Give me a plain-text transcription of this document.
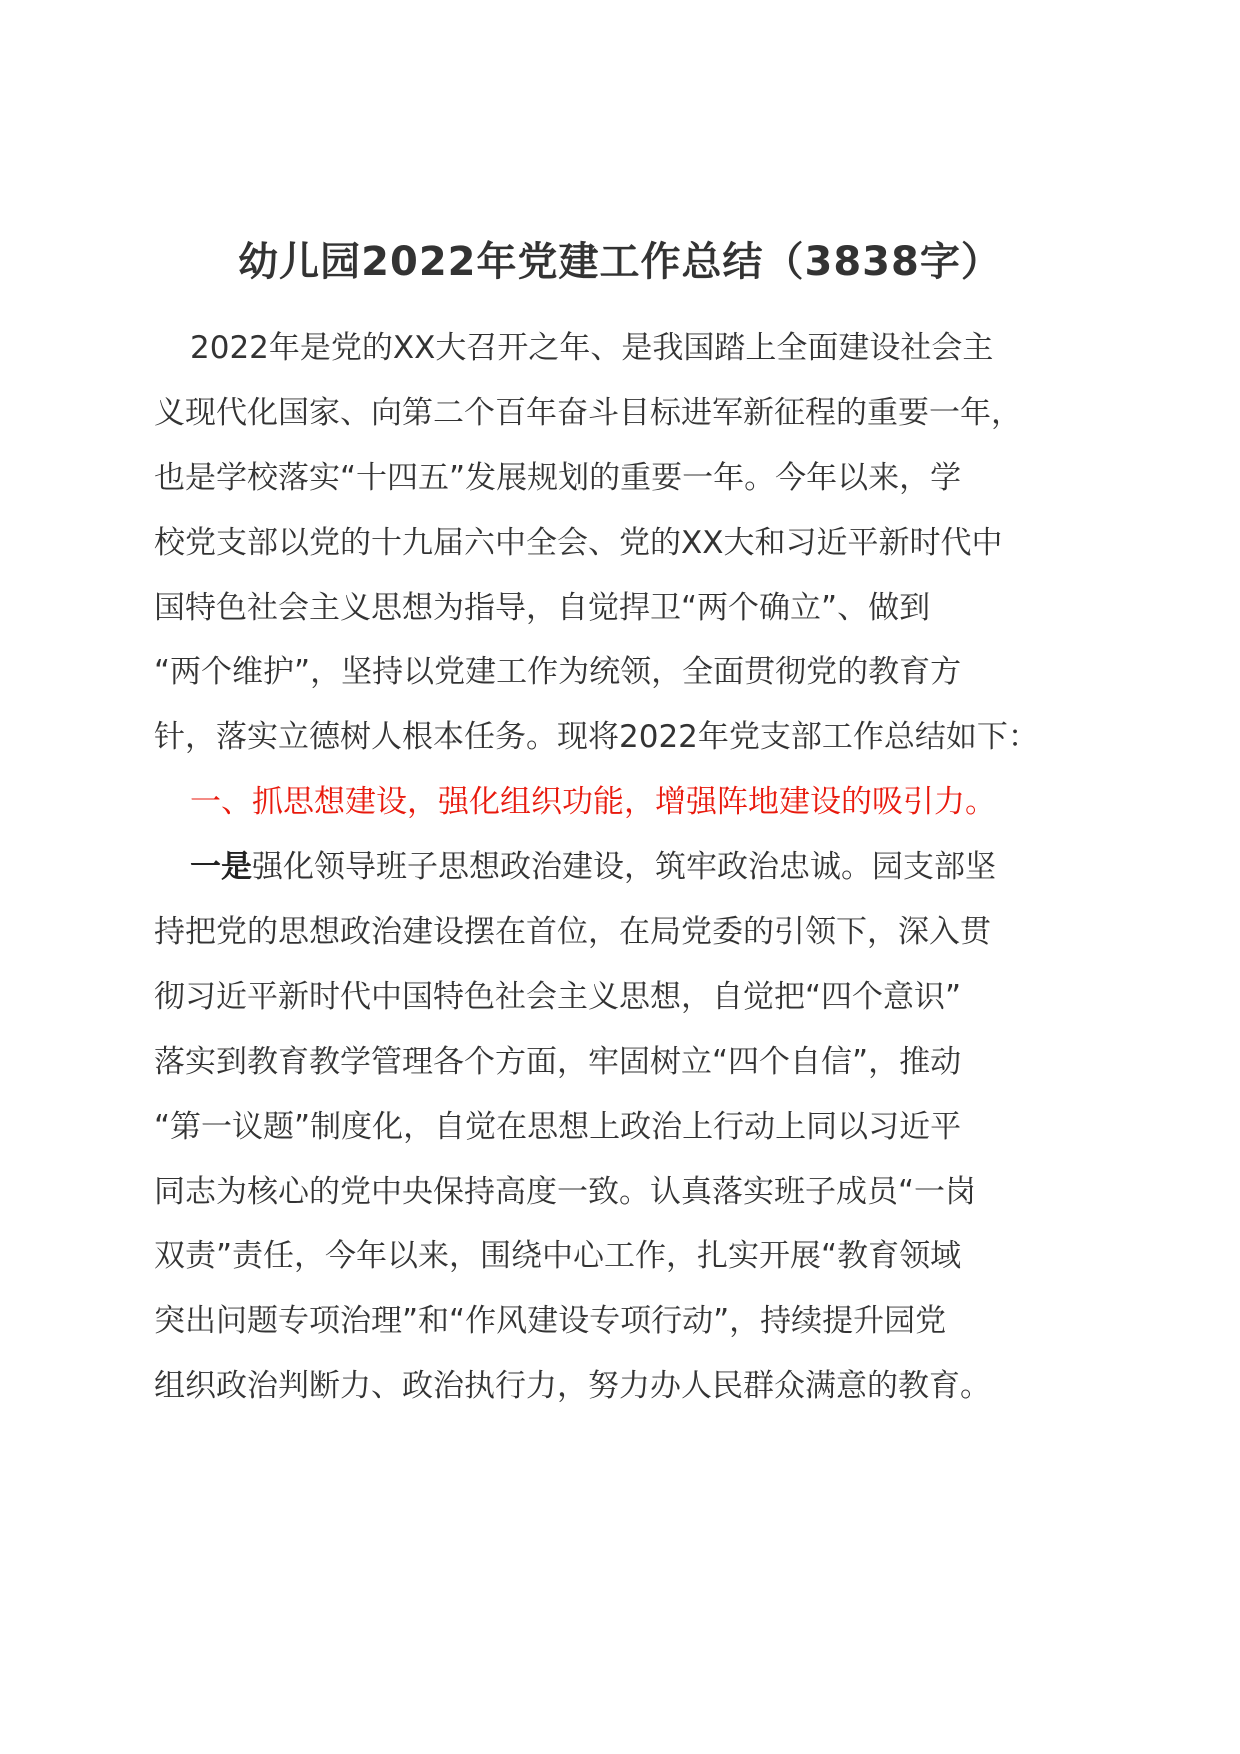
幼儿园2022年党建工作总结（3838字）
2022年是党的XX大召开之年、是我国踏上全面建设社会主
义现代化国家、向第二个百年奋斗目标进军新征程的重要一年，
也是学校落实“十四五”发展规划的重要一年。今年以来，学
校党支部以党的十九届六中全会、党的XX大和习近平新时代中
国特色社会主义思想为指导，自觉捍卫“两个确立”、做到
“两个维护”，坚持以党建工作为统领，全面贯彻党的教育方
针，落实立德树人根本任务。现将2022年党支部工作总结如下：
一、抓思想建设，强化组织功能，增强阵地建设的吸引力。
一是强化领导班子思想政治建设，筑牢政治忠诚。园支部坚
持把党的思想政治建设摆在首位，在局党委的引领下，深入贯
彻习近平新时代中国特色社会主义思想，自觉把“四个意识”
落实到教育教学管理各个方面，牢固树立“四个自信”，推动
“第一议题”制度化，自觉在思想上政治上行动上同以习近平
同志为核心的党中央保持高度一致。认真落实班子成员“一岗
双责”责任，今年以来，围绕中心工作，扎实开展“教育领域
突出问题专项治理”和“作风建设专项行动”，持续提升园党
组织政治判断力、政治执行力，努力办人民群众满意的教育。
